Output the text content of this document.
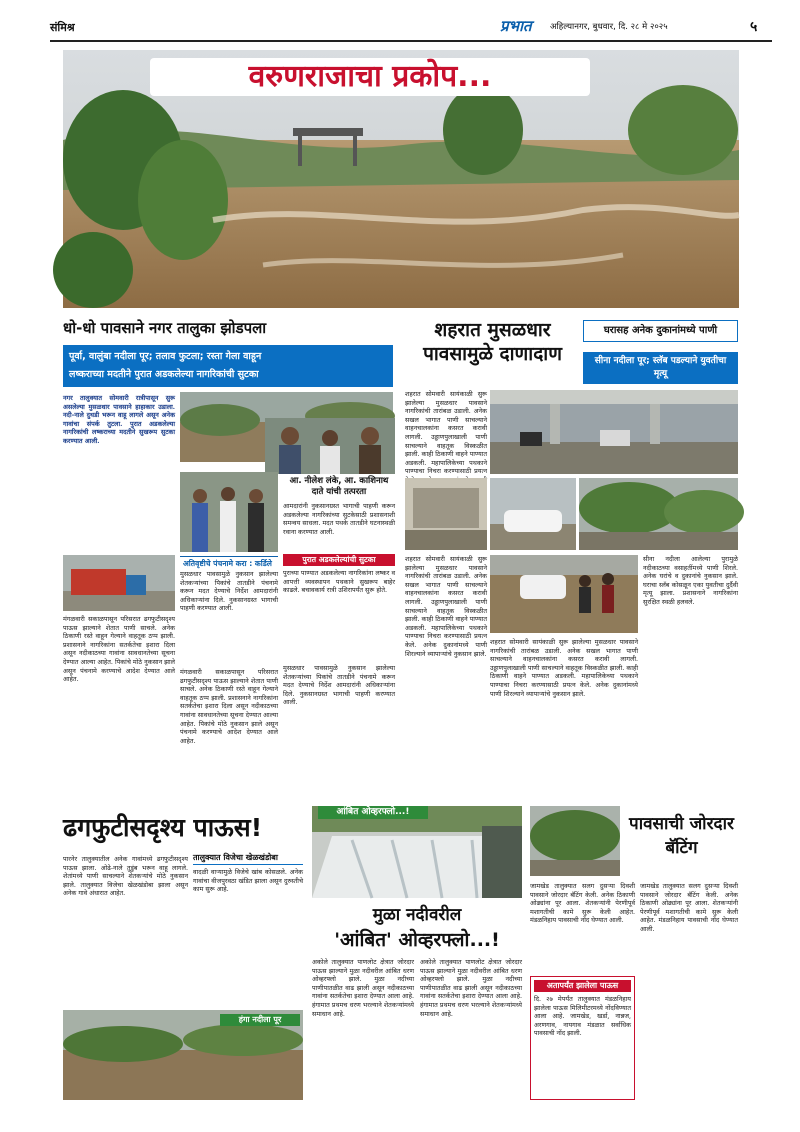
संमिश्र	प्रभात अहिल्यानगर, बुधवार, दि. २८ मे २०२५	५
वरुणराजाचा प्रकोप...
धो-धो पावसाने नगर तालुका झोडपला
पूर्वा, वालुंबा नदीला पूर; तलाव फुटला; रस्ता गेला वाहून
लष्कराच्या मदतीने पुरात अडकलेल्या नागरिकांची सुटका
नगर तालुक्यात सोमवारी रात्रीपासून सुरू असलेल्या मुसळधार पावसाने हाहाकार उडाला. नदी-नाले दुथडी भरून वाहू लागले असून अनेक गावांचा संपर्क तुटला. पुरात अडकलेल्या नागरिकांची लष्कराच्या मदतीने सुखरूप सुटका करण्यात आली.
आ. नीलेश लंके, आ. काशिनाथ दाते यांची तत्परता
आमदारांनी नुकसानग्रस्त भागाची पाहणी करून अडकलेल्या नागरिकांच्या सुटकेसाठी प्रशासनाशी समन्वय साधला. मदत पथके तातडीने घटनास्थळी रवाना करण्यात आली.
अतिवृष्टीचे पंचनामे करा : कर्डिले
मुसळधार पावसामुळे नुकसान झालेल्या शेतकऱ्यांच्या पिकांचे तातडीने पंचनामे करून मदत देण्याचे निर्देश आमदारांनी अधिकाऱ्यांना दिले. नुकसानग्रस्त भागाची पाहणी करण्यात आली.
पुरात अडकलेल्यांची सुटका
पुराच्या पाण्यात अडकलेल्या नागरिकांना लष्कर व आपत्ती व्यवस्थापन पथकाने सुखरूप बाहेर काढले. बचावकार्य रात्री उशिरापर्यंत सुरू होते.
मंगळवारी सकाळपासून परिसरात ढगफुटीसदृश्य पाऊस झाल्याने शेतात पाणी साचले. अनेक ठिकाणी रस्ते वाहून गेल्याने वाहतूक ठप्प झाली. प्रशासनाने नागरिकांना सतर्कतेचा इशारा दिला असून नदीकाठच्या गावांना सावधानतेच्या सूचना देण्यात आल्या आहेत. पिकांचे मोठे नुकसान झाले असून पंचनामे करण्याचे आदेश देण्यात आले आहेत.
मंगळवारी सकाळपासून परिसरात ढगफुटीसदृश्य पाऊस झाल्याने शेतात पाणी साचले. अनेक ठिकाणी रस्ते वाहून गेल्याने वाहतूक ठप्प झाली. प्रशासनाने नागरिकांना सतर्कतेचा इशारा दिला असून नदीकाठच्या गावांना सावधानतेच्या सूचना देण्यात आल्या आहेत. पिकांचे मोठे नुकसान झाले असून पंचनामे करण्याचे आदेश देण्यात आले आहेत.
मुसळधार पावसामुळे नुकसान झालेल्या शेतकऱ्यांच्या पिकांचे तातडीने पंचनामे करून मदत देण्याचे निर्देश आमदारांनी अधिकाऱ्यांना दिले. नुकसानग्रस्त भागाची पाहणी करण्यात आली.
शहरात मुसळधार पावसामुळे दाणादाण
शहरात सोमवारी सायंकाळी सुरू झालेल्या मुसळधार पावसाने नागरिकांची तारांबळ उडाली. अनेक सखल भागात पाणी साचल्याने वाहनचालकांना कसरत करावी लागली. उड्डाणपुलाखाली पाणी साचल्याने वाहतूक विस्कळीत झाली. काही ठिकाणी वाहने पाण्यात अडकली. महापालिकेच्या पथकाने पाण्याचा निचरा करण्यासाठी प्रयत्न
शहरात सोमवारी सायंकाळी सुरू झालेल्या मुसळधार पावसाने नागरिकांची तारांबळ उडाली. अनेक सखल भागात पाणी साचल्याने वाहनचालकांना कसरत करावी लागली. उड्डाणपुलाखाली पाणी साचल्याने वाहतूक विस्कळीत झाली. काही ठिकाणी वाहने पाण्यात अडकली. महापालिकेच्या पथकाने पाण्याचा निचरा करण्यासाठी प्रयत्न केले. अनेक दुकानांमध्ये पाणी शिरल्याने व्यापाऱ्यांचे नुकसान झाले.
शहरात सोमवारी सायंकाळी सुरू झालेल्या मुसळधार पावसाने नागरिकांची तारांबळ उडाली. अनेक सखल भागात पाणी साचल्याने वाहनचालकांना कसरत करावी लागली. उड्डाणपुलाखाली पाणी साचल्याने वाहतूक विस्कळीत झाली. काही ठिकाणी वाहने पाण्यात अडकली. महापालिकेच्या पथकाने पाण्याचा निचरा करण्यासाठी प्रयत्न केले. अनेक दुकानांमध्ये पाणी शिरल्याने व्यापाऱ्यांचे नुकसान झाले.
घरासह अनेक दुकानांमध्ये पाणी
सीना नदीला पूर; स्लॅब पडल्याने युवतीचा मृत्यू
सीना नदीला आलेल्या पुरामुळे नदीकाठच्या वसाहतींमध्ये पाणी शिरले. अनेक घरांचे व दुकानांचे नुकसान झाले. घराचा स्लॅब कोसळून एका युवतीचा दुर्दैवी मृत्यू झाला. प्रशासनाने नागरिकांना सुरक्षित स्थळी हलवले.
ढगफुटीसदृश्य पाऊस!
पारनेर तालुक्यातील अनेक गावांमध्ये ढगफुटीसदृश्य पाऊस झाला. ओढे-नाले तुडुंब भरून वाहू लागले. शेतांमध्ये पाणी साचल्याने शेतकऱ्यांचे मोठे नुकसान झाले. तालुक्यात विजेचा खेळखंडोबा झाला असून अनेक गावे अंधारात आहेत.
तालुक्यात विजेचा खेळखंडोबा
वादळी वाऱ्यामुळे विजेचे खांब कोसळले. अनेक गावांचा वीजपुरवठा खंडित झाला असून दुरुस्तीचे काम सुरू आहे.
हंगा नदीला पूर
आंबित ओव्हरफ्लो...!
मुळा नदीवरील
'आंबित' ओव्हरफ्लो...!
अकोले तालुक्यात पाणलोट क्षेत्रात जोरदार पाऊस झाल्याने मुळा नदीवरील आंबित धरण ओव्हरफ्लो झाले. मुळा नदीच्या पाणीपातळीत वाढ झाली असून नदीकाठच्या गावांना सतर्कतेचा इशारा देण्यात आला आहे. हंगामात प्रथमच धरण भरल्याने शेतकऱ्यांमध्ये समाधान आहे.
अकोले तालुक्यात पाणलोट क्षेत्रात जोरदार पाऊस झाल्याने मुळा नदीवरील आंबित धरण ओव्हरफ्लो झाले. मुळा नदीच्या पाणीपातळीत वाढ झाली असून नदीकाठच्या गावांना सतर्कतेचा इशारा देण्यात आला आहे. हंगामात प्रथमच धरण भरल्याने शेतकऱ्यांमध्ये समाधान आहे.
पावसाची जोरदार बॅटिंग
जामखेड तालुक्यात सलग दुसऱ्या दिवशी पावसाने जोरदार बॅटिंग केली. अनेक ठिकाणी ओढ्यांना पूर आला. शेतकऱ्यांनी पेरणीपूर्व मशागतीची कामे सुरू केली आहेत. मंडळनिहाय पावसाची नोंद घेण्यात आली.
जामखेड तालुक्यात सलग दुसऱ्या दिवशी पावसाने जोरदार बॅटिंग केली. अनेक ठिकाणी ओढ्यांना पूर आला. शेतकऱ्यांनी पेरणीपूर्व मशागतीची कामे सुरू केली आहेत. मंडळनिहाय पावसाची नोंद घेण्यात आली.
अतापर्यंत झालेला पाऊस
दि. २७ मेपर्यंत तालुक्यात मंडळनिहाय झालेला पाऊस मिलिमीटरमध्ये नोंदविण्यात आला आहे. जामखेड, खर्डा, नान्नज, अरणगाव, नायगाव मंडळात सर्वाधिक पावसाची नोंद झाली.
